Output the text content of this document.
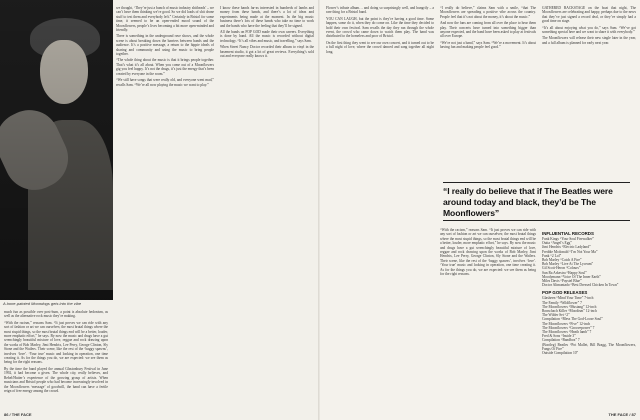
A bone-painted Moondogs gets into the vibe

much fun as possible over post-hum, a point is absolute hedonism, as well as the alternative rock music they’re making.

“With the racism,” reasons Sam. “It just proves we can ride with any sort of fashion or art we can ourselves; the most brutal things where the most stupid things, so the most brutal things end will be a better, louder, more emphatic effort,” he says. By now the music and drugs have a gut wrenchingly beautiful mixture of love, reggae and rock drawing upon the works of Bob Marley, Jimi Hendrix, Lee Perry, George Clinton, Sly Stone and the Wailers. Their scene, like the rest of the ‘baggy spawns’, involves ‘love’. ‘Your true’ music and looking in operation, one time creating it. As for the things you do, we are expected: we see them as being for the right reasons.

By the time the band played the annual Glastonbury Festival in June 1992, it had become a given. The whole city, really believes, and Rebel/Hutter’s experience of the growing group of artists. When musicians and Bristol people who had become increasingly involved in the Moonflowers ‘message’ of goodwill, the band can have a fertile reign of free energy among the crowd.

we thought, ‘They’re just a bunch of music industry shitheads’ – we can’t have them thinking we’re good. So we did loads of shit drone stuff to test them and everybody left.” Certainly in Bristol for some time, it seemed to be an open-ended mood sound of the Moonflowers, people’s lives becoming a bit more open-minded and friendly.

There is something in the underground rave shows, and the whole scene is about breaking down the barriers between bands and the audience. It’s a positive message, a return to the hippie ideals of sharing and community and using the music to bring people together.

“The whole thing about the music is that it brings people together. That’s what it’s all about. When you come out of a Moonflowers gig you feel happy. It’s not the drugs, it’s just the energy that’s been created by everyone in the room.”

“We still have songs that were really old, and everyone went mad,” recalls Sam. “We’re all now playing the music we want to play.”

I know these bands far-as interested in hundreds of lambs and money from these bands, and there’s a lot of ideas and experiments being made at the moment. In the big music business there’s lots of these bands who take no time to work and the bands who have the feeling that they’ll be signed.

All the bands on FOP GOD made their own careers. Everything is done by hand. All the music is recorded without digital technology. “It’s all vibes and music, and travelling,” says Sam.

When Street Nancy Doctor recorded their album to vinyl in the basement studio, it got a lot of great reviews. Everything’s sold out and everyone really knows it.

86 / THE FACE

Flower’s tribute album… and doing so surprisingly well, and hungrily – a rare thing for a Bristol band.

YOU CAN LAUGH, but the point is they’re having a good time. Some happen, some do it, when they do come on. Like the time they decided to hold their own festival. Sam recalls the day they ran through the whole event, the crowd who came down to watch them play. The band was distributed to the homeless and poor of Bristol.

On the first thing they went to see our own concert, and it turned out to be a full night of love, where the crowd danced and sang together all night long.

“I really do believe,” claims Sam with a smile, “that The Moonflowers are spreading a positive vibe across the country. People feel that it’s not about the money, it’s about the music.”

And now the fans are coming from all over the place to hear them play. Their concerts have turned into something bigger than anyone expected, and the band have been asked to play at festivals all over Europe.

“We’re not just a band,” says Sam. “We’re a movement. It’s about having fun and making people feel good.”

GATHERED BACKSTAGE on the boat that night, The Moonflowers are celebrating and happy, perhaps due to the news that they’ve just signed a record deal, or they’ve simply had a good time on stage.

“It’s all about enjoying what you do,” says Sam. “We’ve got something special here and we want to share it with everybody.”

The Moonflowers will release their new single later in the year, and a full album is planned for early next year.

INFLUENTIAL RECORDS
Funk Kings “Your Soul Firewalker”
Outta “Angel’s Egg”
Jimi Hendrix “Electric Ladyland”
Freddie Mcdonald “I’m Not Your Ma”
Funk “2 Lol”
Bob Marley “Catch A Fire”
Bob Marley “Live At The Lyceum”
Gil Scott-Heron “Colours”
Sun Ra Arkestra “Happy Soul”
Moodymann “Voice Of The Inner Earth”
Miles Davis “Paystel Blue”
Doctor Alimantado “Best Dressed Chicken In Town”
POP GOD RELEASES
Glasheen “Mind Your Time” 7-inch
The Family “Wildflower” 7
The Moonflowers “Mustang” 12-inch
Ronschach Killer “Moodism” 12-inch
The Wilder Set “2”
Compilation “Bless The God-Loose Soul”
The Moonflowers “Five” 12-inch
The Moonflowers “Groovepower” 7
The Moonflowers “Heath lamb” 7
Fred & Sons “Inside 3”
Compilation “Bandbox” 7
(Bootleg) Beatles “Pot Mallet, Bill Bragg, The Moonflowers, Fangs Of Fire”
Outside Compilation 10”

“With the racism,” reasons Sam. “It just proves we can ride with any sort of fashion or art we can ourselves; the most brutal things where the most stupid things, so the most brutal things end will be a better, louder, more emphatic effort,” he says. By now the music and drugs have a gut wrenchingly beautiful mixture of love, reggae and rock drawing upon the works of Bob Marley, Jimi Hendrix, Lee Perry, George Clinton, Sly Stone and the Wailers. Their scene, like the rest of the ‘baggy spawns’, involves ‘love’. ‘Your true’ music and looking in operation, one time creating it. As for the things you do, we are expected: we see them as being for the right reasons.

THE FACE / 87
“I really do believe that if The Beatles were around today and black, they’d be The Moonflowers”
